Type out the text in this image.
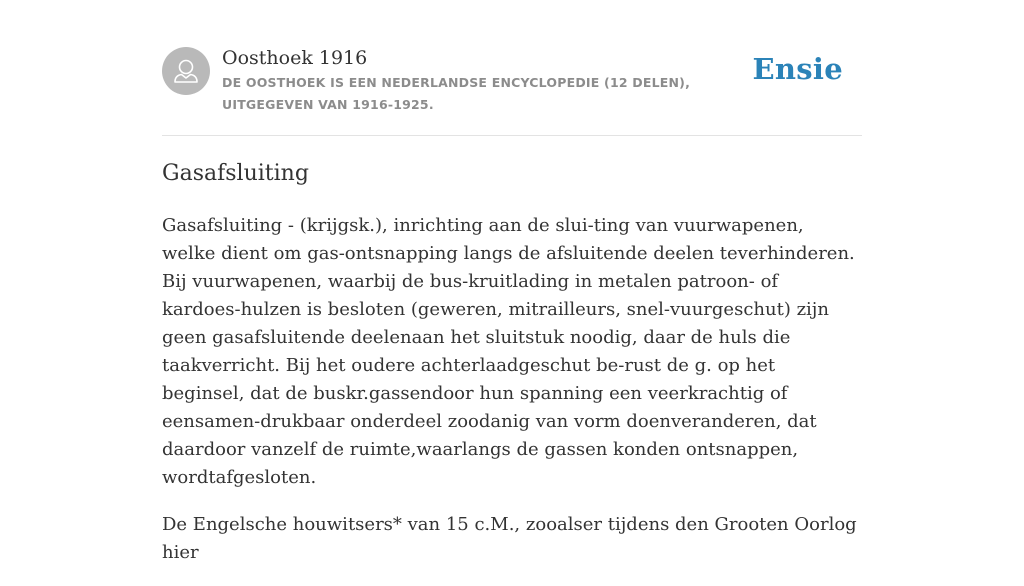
Oosthoek 1916
DE OOSTHOEK IS EEN NEDERLANDSE ENCYCLOPEDIE (12 DELEN), UITGEGEVEN VAN 1916-1925.
Ensie
Gasafsluiting

Gasafsluiting - (krijgsk.), inrichting aan de slui-ting van vuurwapenen, welke dient om gas-ontsnapping langs de afsluitende deelen teverhinderen. Bij vuurwapenen, waarbij de bus-kruitlading in metalen patroon- of kardoes-hulzen is besloten (geweren, mitrailleurs, snel-vuurgeschut) zijn geen gasafsluitende deelenaan het sluitstuk noodig, daar de huls die taakverricht. Bij het oudere achterlaadgeschut be-rust de g. op het beginsel, dat de buskr.gassendoor hun spanning een veerkrachtig of eensamen-drukbaar onderdeel zoodanig van vorm doenveranderen, dat daardoor vanzelf de ruimte,waarlangs de gassen konden ontsnappen, wordtafgesloten.

De Engelsche houwitsers* van 15 c.M., zooalser tijdens den Grooten Oorlog hier
